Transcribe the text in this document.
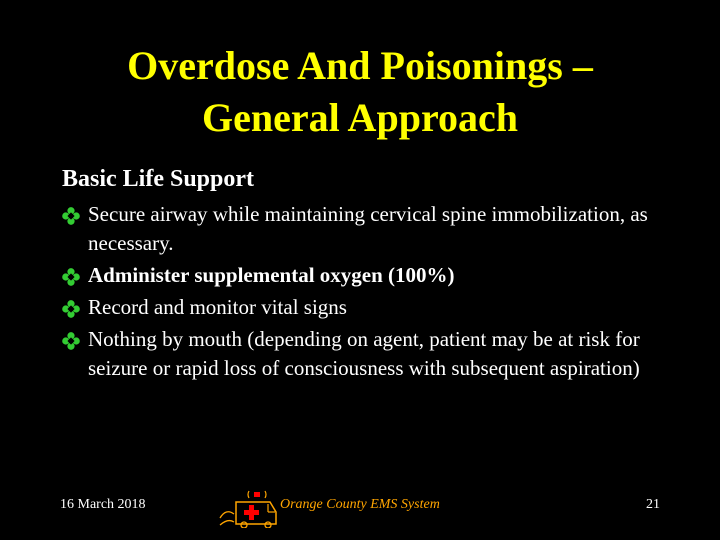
Overdose And Poisonings –
General Approach
Basic Life Support
Secure airway while maintaining cervical spine immobilization, as necessary.
Administer supplemental oxygen (100%)
Record and monitor vital signs
Nothing by mouth (depending on agent, patient may be at risk for seizure or rapid loss of consciousness with subsequent aspiration)
16 March 2018	Orange County EMS System	21
